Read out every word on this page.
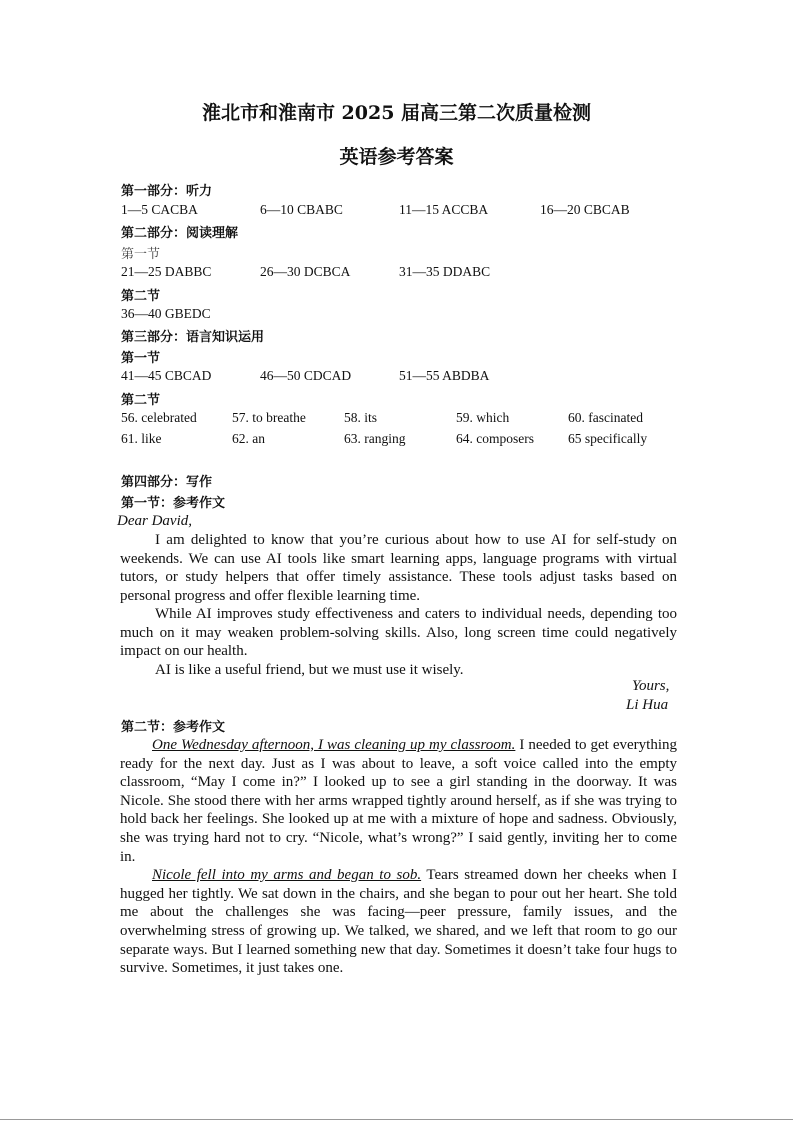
淮北市和淮南市 2025 届高三第二次质量检测
英语参考答案
第一部分：听力
1—5 CACBA	6—10 CBABC	11—15 ACCBA	16—20 CBCAB
第二部分：阅读理解
第一节
21—25 DABBC	26—30 DCBCA	31—35 DDABC
第二节
36—40 GBEDC
第三部分：语言知识运用
第一节
41—45 CBCAD	46—50 CDCAD	51—55 ABDBA
第二节
56. celebrated	57. to breathe	58. its	59. which	60. fascinated
61. like	62. an	63. ranging	64. composers	65 specifically
第四部分：写作
第一节：参考作文
Dear David,

I am delighted to know that you’re curious about how to use AI for self-study on weekends. We can use AI tools like smart learning apps, language programs with virtual tutors, or study helpers that offer timely assistance. These tools adjust tasks based on personal progress and offer flexible learning time.

While AI improves study effectiveness and caters to individual needs, depending too much on it may weaken problem-solving skills. Also, long screen time could negatively impact on our health.

AI is like a useful friend, but we must use it wisely.

Yours,
Li Hua
第二节：参考作文

One Wednesday afternoon, I was cleaning up my classroom. I needed to get everything ready for the next day. Just as I was about to leave, a soft voice called into the empty classroom, “May I come in?” I looked up to see a girl standing in the doorway. It was Nicole. She stood there with her arms wrapped tightly around herself, as if she was trying to hold back her feelings. She looked up at me with a mixture of hope and sadness. Obviously, she was trying hard not to cry. “Nicole, what’s wrong?” I said gently, inviting her to come in.

Nicole fell into my arms and began to sob. Tears streamed down her cheeks when I hugged her tightly. We sat down in the chairs, and she began to pour out her heart. She told me about the challenges she was facing—peer pressure, family issues, and the overwhelming stress of growing up. We talked, we shared, and we left that room to go our separate ways. But I learned something new that day. Sometimes it doesn’t take four hugs to survive. Sometimes, it just takes one.
